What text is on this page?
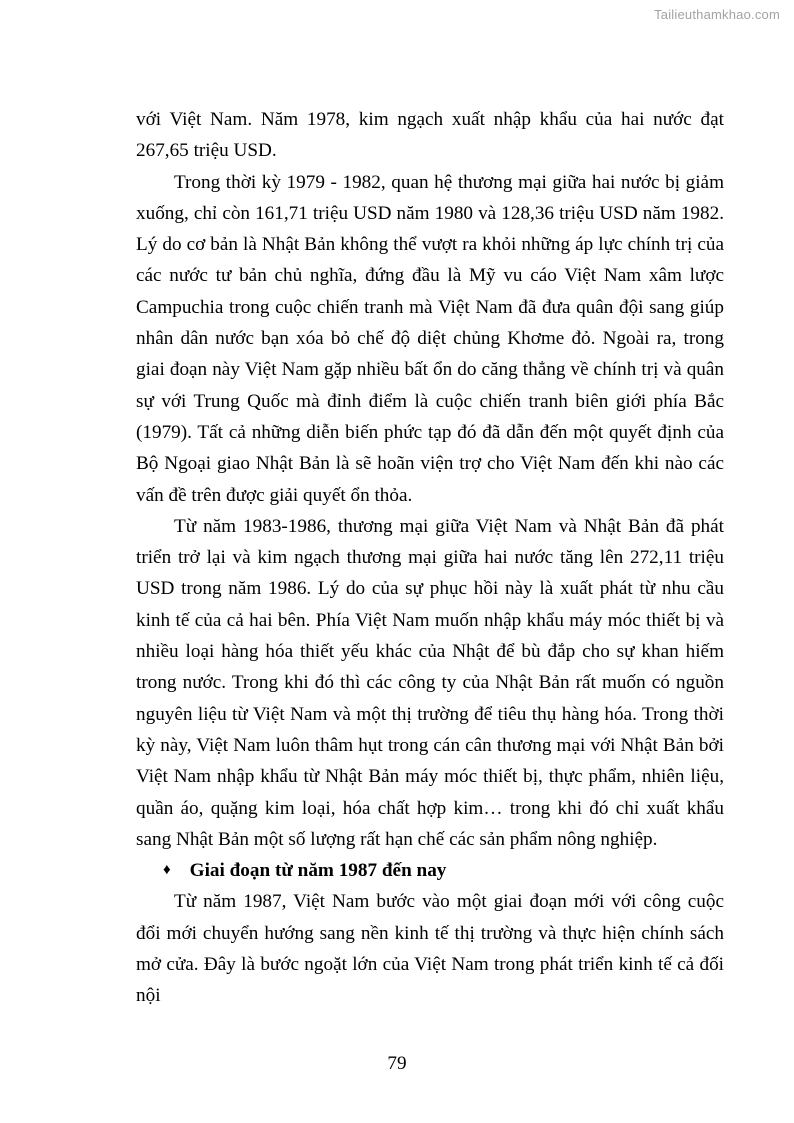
Tailieuthamkhao.com

với Việt Nam. Năm 1978, kim ngạch xuất nhập khẩu của hai nước đạt 267,65 triệu USD.

Trong thời kỳ 1979 - 1982, quan hệ thương mại giữa hai nước bị giảm xuống, chỉ còn 161,71 triệu USD năm 1980 và 128,36 triệu USD năm 1982. Lý do cơ bản là Nhật Bản không thể vượt ra khỏi những áp lực chính trị của các nước tư bản chủ nghĩa, đứng đầu là Mỹ vu cáo Việt Nam xâm lược Campuchia trong cuộc chiến tranh mà Việt Nam đã đưa quân đội sang giúp nhân dân nước bạn xóa bỏ chế độ diệt chủng Khơme đỏ. Ngoài ra, trong giai đoạn này Việt Nam gặp nhiều bất ổn do căng thẳng về chính trị và quân sự với Trung Quốc mà đỉnh điểm là cuộc chiến tranh biên giới phía Bắc (1979). Tất cả những diễn biến phức tạp đó đã dẫn đến một quyết định của Bộ Ngoại giao Nhật Bản là sẽ hoãn viện trợ cho Việt Nam đến khi nào các vấn đề trên được giải quyết ổn thỏa.

Từ năm 1983-1986, thương mại giữa Việt Nam và Nhật Bản đã phát triển trở lại và kim ngạch thương mại giữa hai nước tăng lên 272,11 triệu USD trong năm 1986. Lý do của sự phục hồi này là xuất phát từ nhu cầu kinh tế của cả hai bên. Phía Việt Nam muốn nhập khẩu máy móc thiết bị và nhiều loại hàng hóa thiết yếu khác của Nhật để bù đắp cho sự khan hiếm trong nước. Trong khi đó thì các công ty của Nhật Bản rất muốn có nguồn nguyên liệu từ Việt Nam và một thị trường để tiêu thụ hàng hóa. Trong thời kỳ này, Việt Nam luôn thâm hụt trong cán cân thương mại với Nhật Bản bởi Việt Nam nhập khẩu từ Nhật Bản máy móc thiết bị, thực phẩm, nhiên liệu, quần áo, quặng kim loại, hóa chất hợp kim… trong khi đó chỉ xuất khẩu sang Nhật Bản một số lượng rất hạn chế các sản phẩm nông nghiệp.

♦ Giai đoạn từ năm 1987 đến nay

Từ năm 1987, Việt Nam bước vào một giai đoạn mới với công cuộc đổi mới chuyển hướng sang nền kinh tế thị trường và thực hiện chính sách mở cửa. Đây là bước ngoặt lớn của Việt Nam trong phát triển kinh tế cả đối nội

79
